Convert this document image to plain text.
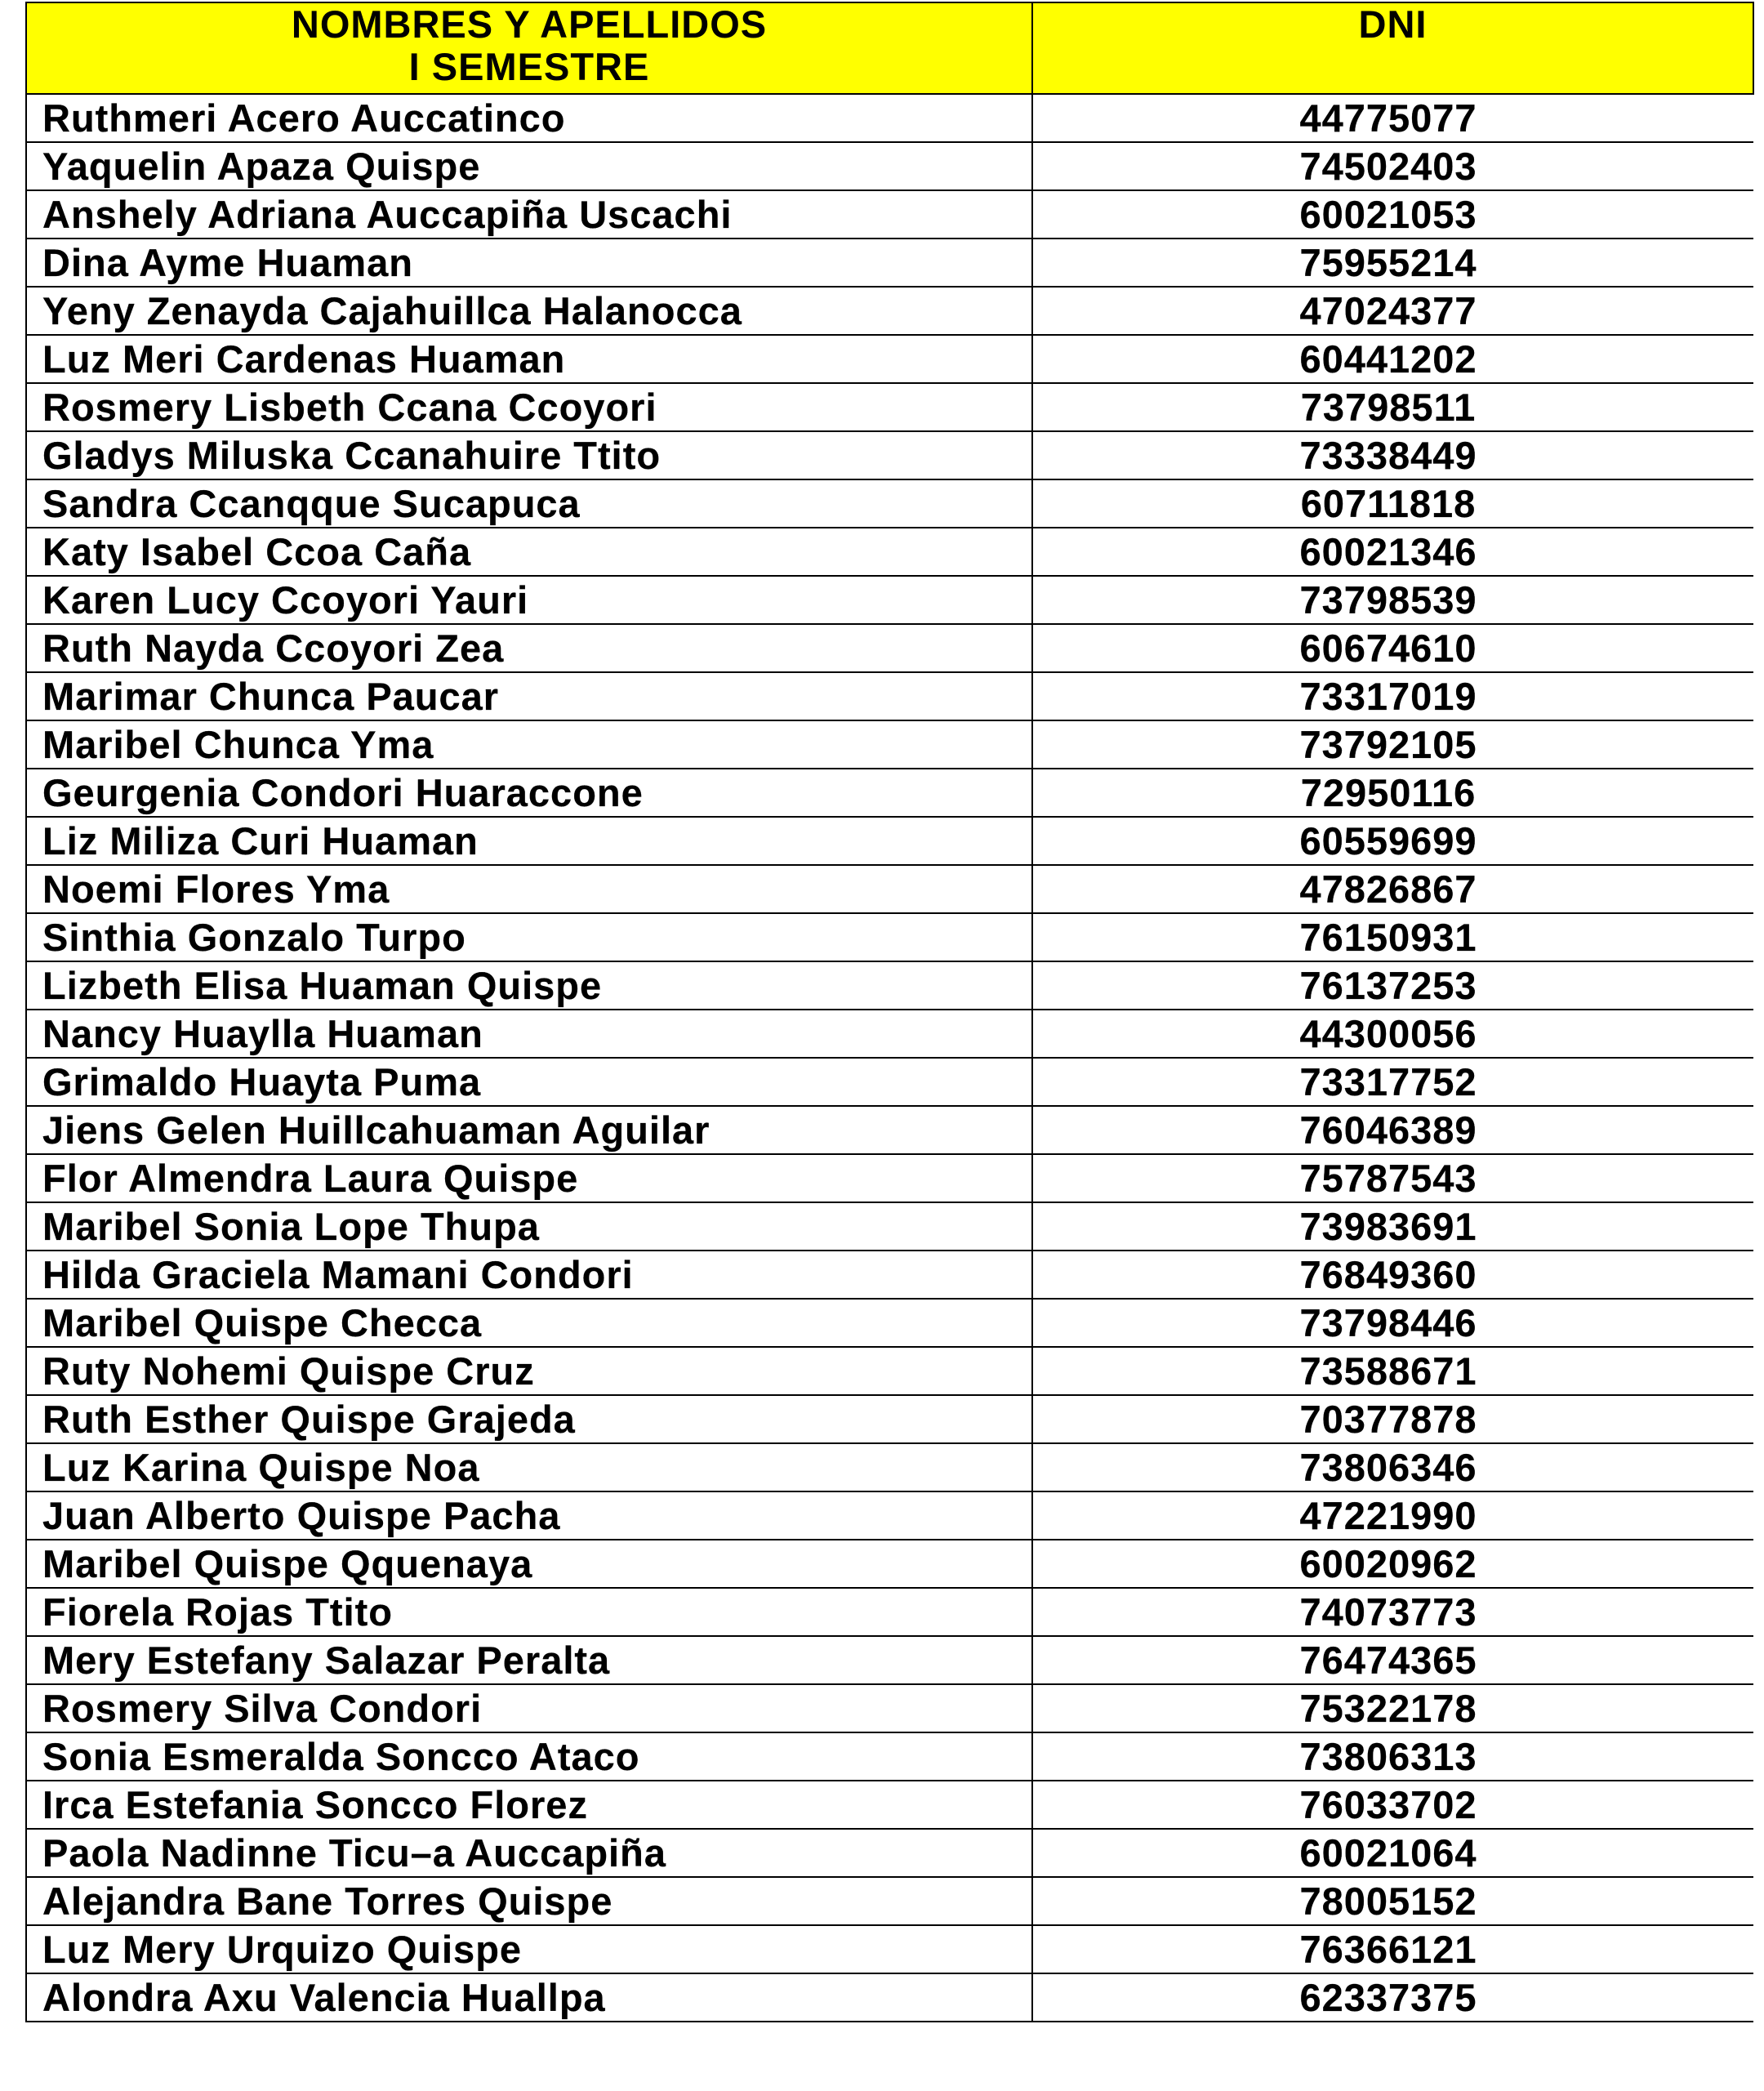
NOMBRES Y APELLIDOS
I SEMESTRE	DNI

Ruthmeri Acero Auccatinco	44775077
Yaquelin Apaza Quispe	74502403
Anshely Adriana Auccapiña Uscachi	60021053
Dina Ayme Huaman	75955214
Yeny Zenayda Cajahuillca Halanocca	47024377
Luz Meri Cardenas Huaman	60441202
Rosmery Lisbeth Ccana Ccoyori	73798511
Gladys Miluska Ccanahuire Ttito	73338449
Sandra Ccanqque Sucapuca	60711818
Katy Isabel Ccoa Caña	60021346
Karen Lucy Ccoyori Yauri	73798539
Ruth Nayda Ccoyori Zea	60674610
Marimar Chunca Paucar	73317019
Maribel Chunca Yma	73792105
Geurgenia Condori Huaraccone	72950116
Liz Miliza Curi Huaman	60559699
Noemi Flores Yma	47826867
Sinthia Gonzalo Turpo	76150931
Lizbeth Elisa Huaman Quispe	76137253
Nancy Huaylla Huaman	44300056
Grimaldo Huayta Puma	73317752
Jiens Gelen Huillcahuaman Aguilar	76046389
Flor Almendra Laura Quispe	75787543
Maribel Sonia Lope Thupa	73983691
Hilda Graciela Mamani Condori	76849360
Maribel Quispe Checca	73798446
Ruty Nohemi Quispe Cruz	73588671
Ruth Esther Quispe Grajeda	70377878
Luz Karina Quispe Noa	73806346
Juan Alberto Quispe Pacha	47221990
Maribel Quispe Qquenaya	60020962
Fiorela Rojas Ttito	74073773
Mery Estefany Salazar Peralta	76474365
Rosmery Silva Condori	75322178
Sonia Esmeralda Soncco Ataco	73806313
Irca Estefania Soncco Florez	76033702
Paola Nadinne Ticu–a Auccapiña	60021064
Alejandra Bane Torres Quispe	78005152
Luz Mery Urquizo Quispe	76366121
Alondra Axu Valencia Huallpa	62337375
